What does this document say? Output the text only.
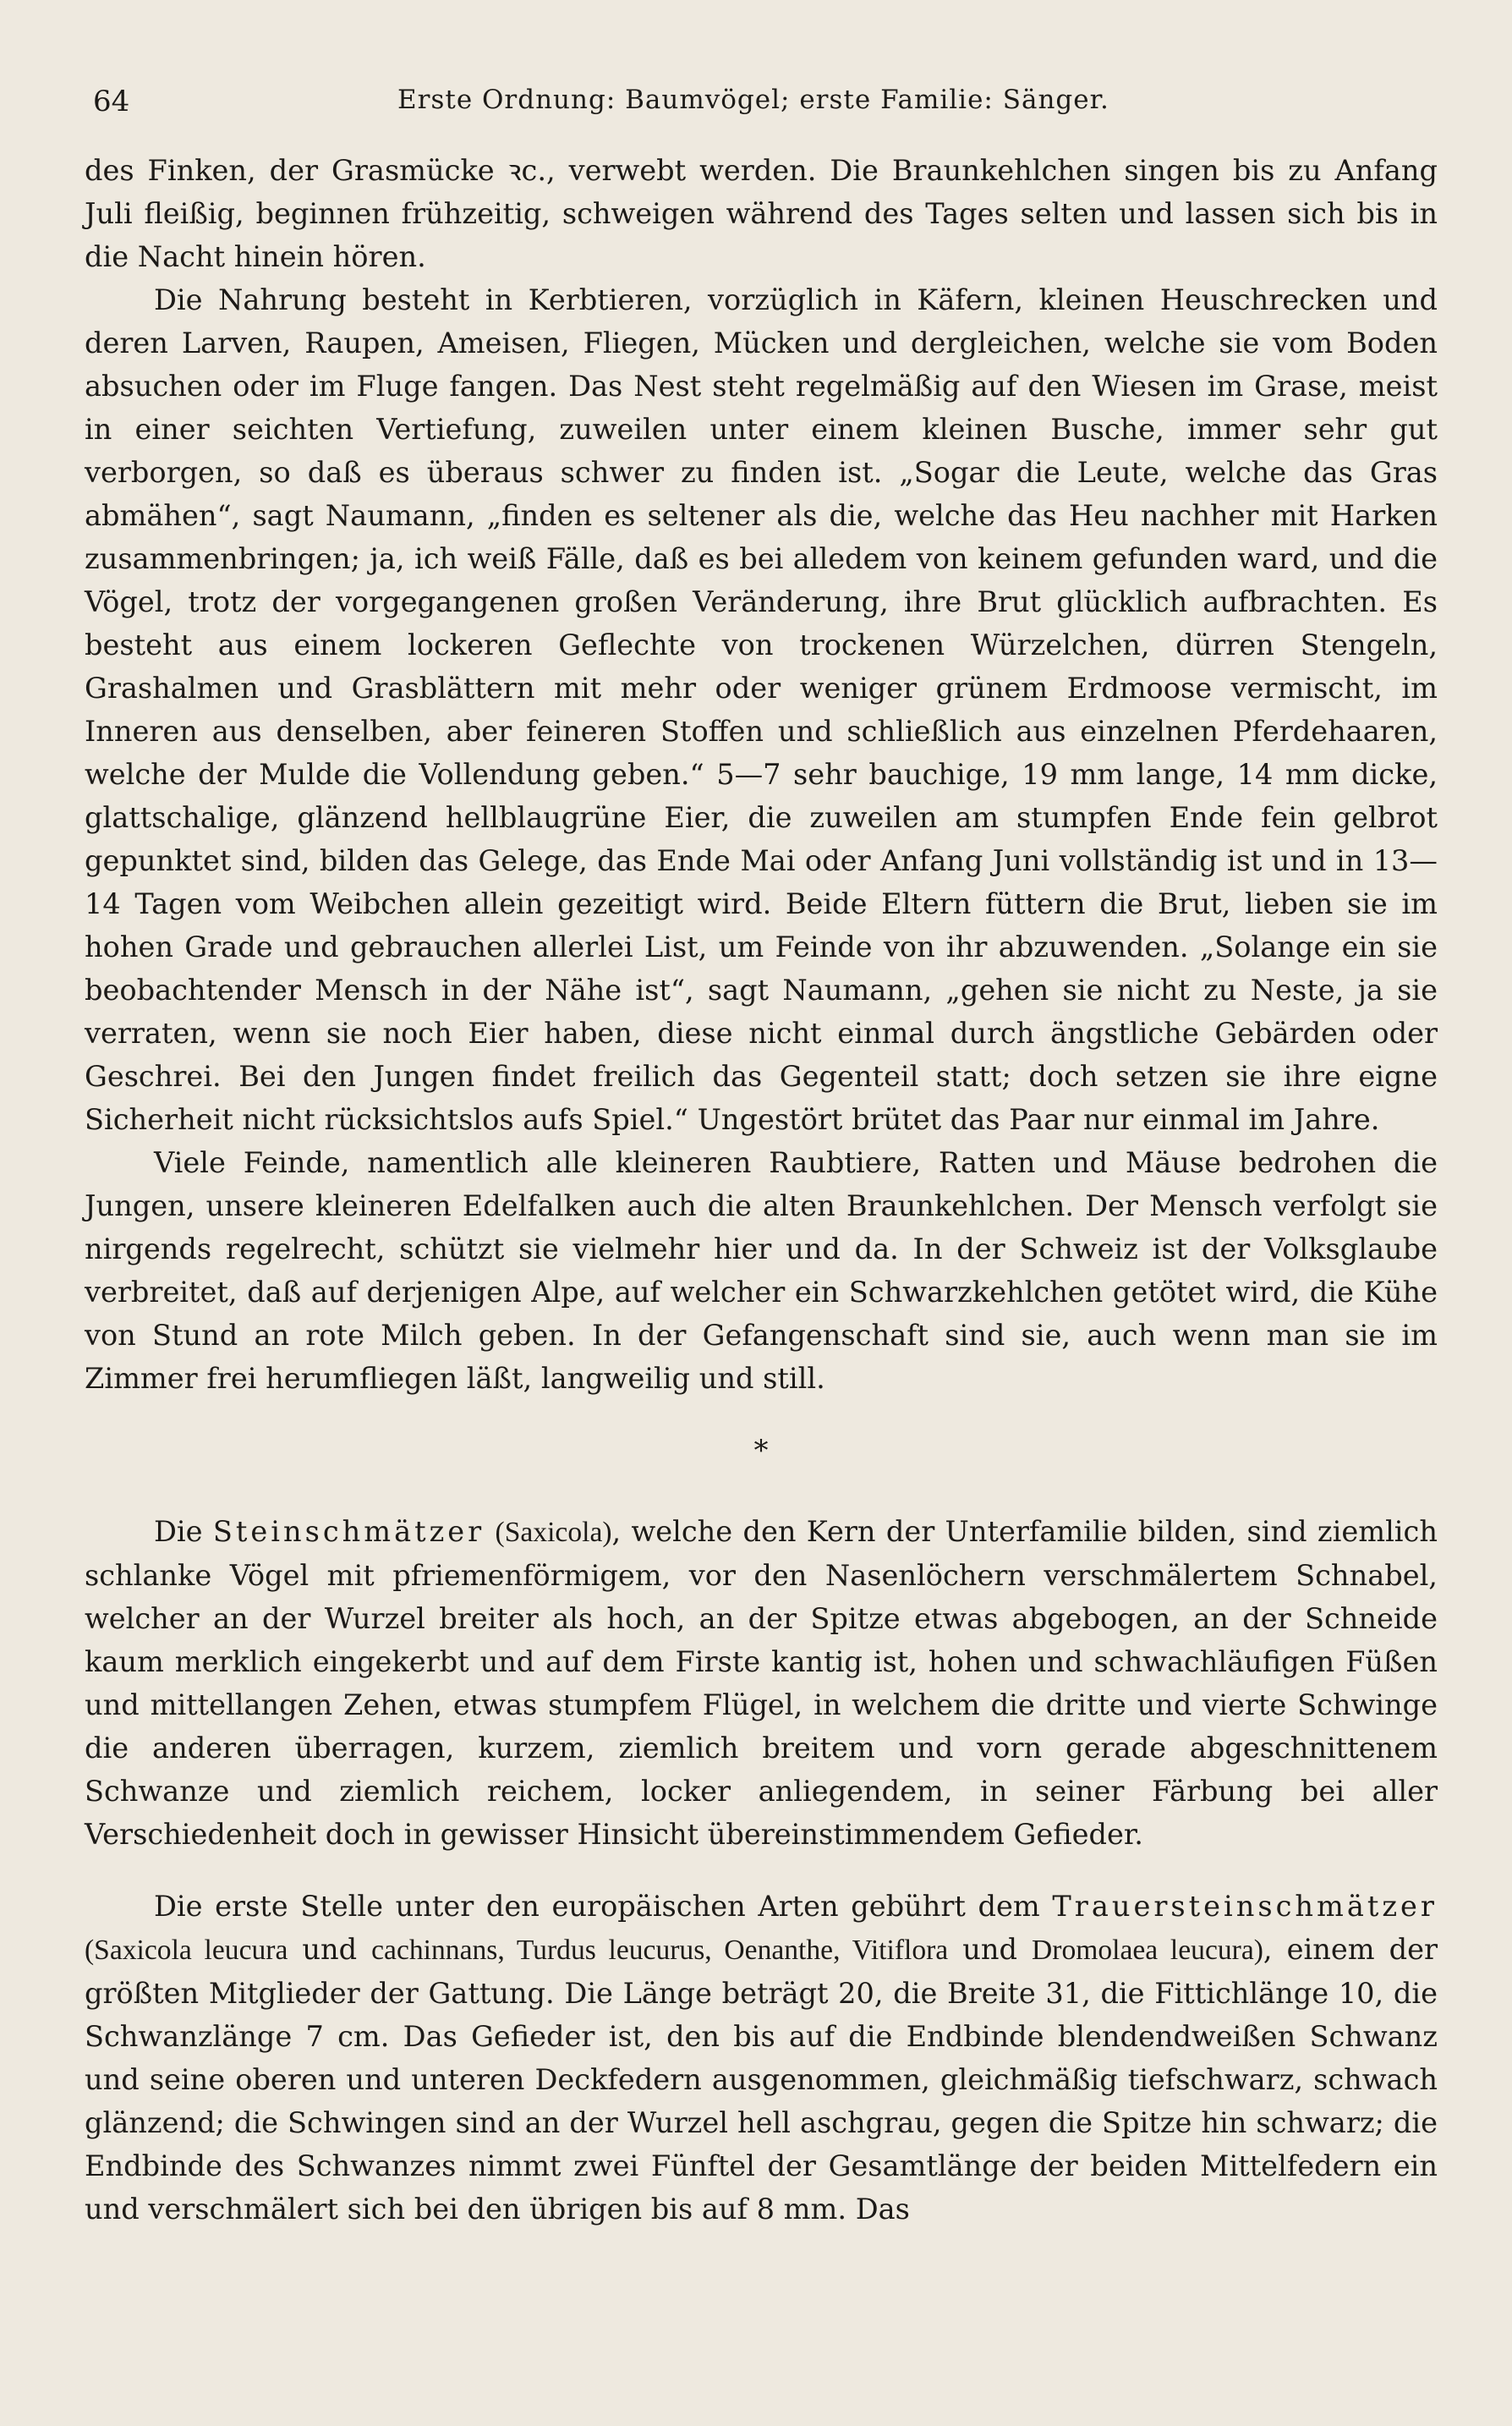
64	Erste Ordnung: Baumvögel; erste Familie: Sänger.

des Finken, der Grasmücke ꝛc., verwebt werden. Die Braunkehlchen singen bis zu Anfang Juli fleißig, beginnen frühzeitig, schweigen während des Tages selten und lassen sich bis in die Nacht hinein hören.

Die Nahrung besteht in Kerbtieren, vorzüglich in Käfern, kleinen Heuschrecken und deren Larven, Raupen, Ameisen, Fliegen, Mücken und dergleichen, welche sie vom Boden absuchen oder im Fluge fangen. Das Nest steht regelmäßig auf den Wiesen im Grase, meist in einer seichten Vertiefung, zuweilen unter einem kleinen Busche, immer sehr gut verborgen, so daß es überaus schwer zu finden ist. „Sogar die Leute, welche das Gras abmähen“, sagt Naumann, „finden es seltener als die, welche das Heu nachher mit Harken zusammenbringen; ja, ich weiß Fälle, daß es bei alledem von keinem gefunden ward, und die Vögel, trotz der vorgegangenen großen Veränderung, ihre Brut glücklich aufbrachten. Es besteht aus einem lockeren Geflechte von trockenen Würzelchen, dürren Stengeln, Grashalmen und Grasblättern mit mehr oder weniger grünem Erdmoose vermischt, im Inneren aus denselben, aber feineren Stoffen und schließlich aus einzelnen Pferdehaaren, welche der Mulde die Vollendung geben.“ 5—7 sehr bauchige, 19 mm lange, 14 mm dicke, glattschalige, glänzend hellblaugrüne Eier, die zuweilen am stumpfen Ende fein gelbrot gepunktet sind, bilden das Gelege, das Ende Mai oder Anfang Juni vollständig ist und in 13—14 Tagen vom Weibchen allein gezeitigt wird. Beide Eltern füttern die Brut, lieben sie im hohen Grade und gebrauchen allerlei List, um Feinde von ihr abzuwenden. „Solange ein sie beobachtender Mensch in der Nähe ist“, sagt Naumann, „gehen sie nicht zu Neste, ja sie verraten, wenn sie noch Eier haben, diese nicht einmal durch ängstliche Gebärden oder Geschrei. Bei den Jungen findet freilich das Gegenteil statt; doch setzen sie ihre eigne Sicherheit nicht rücksichtslos aufs Spiel.“ Ungestört brütet das Paar nur einmal im Jahre.

Viele Feinde, namentlich alle kleineren Raubtiere, Ratten und Mäuse bedrohen die Jungen, unsere kleineren Edelfalken auch die alten Braunkehlchen. Der Mensch verfolgt sie nirgends regelrecht, schützt sie vielmehr hier und da. In der Schweiz ist der Volksglaube verbreitet, daß auf derjenigen Alpe, auf welcher ein Schwarzkehlchen getötet wird, die Kühe von Stund an rote Milch geben. In der Gefangenschaft sind sie, auch wenn man sie im Zimmer frei herumfliegen läßt, langweilig und still.

*

Die Steinschmätzer (Saxicola), welche den Kern der Unterfamilie bilden, sind ziemlich schlanke Vögel mit pfriemenförmigem, vor den Nasenlöchern verschmälertem Schnabel, welcher an der Wurzel breiter als hoch, an der Spitze etwas abgebogen, an der Schneide kaum merklich eingekerbt und auf dem Firste kantig ist, hohen und schwachläufigen Füßen und mittellangen Zehen, etwas stumpfem Flügel, in welchem die dritte und vierte Schwinge die anderen überragen, kurzem, ziemlich breitem und vorn gerade abgeschnittenem Schwanze und ziemlich reichem, locker anliegendem, in seiner Färbung bei aller Verschiedenheit doch in gewisser Hinsicht übereinstimmendem Gefieder.

Die erste Stelle unter den europäischen Arten gebührt dem Trauersteinschmätzer (Saxicola leucura und cachinnans, Turdus leucurus, Oenanthe, Vitiflora und Dromolaea leucura), einem der größten Mitglieder der Gattung. Die Länge beträgt 20, die Breite 31, die Fittichlänge 10, die Schwanzlänge 7 cm. Das Gefieder ist, den bis auf die Endbinde blendendweißen Schwanz und seine oberen und unteren Deckfedern ausgenommen, gleichmäßig tiefschwarz, schwach glänzend; die Schwingen sind an der Wurzel hell aschgrau, gegen die Spitze hin schwarz; die Endbinde des Schwanzes nimmt zwei Fünftel der Gesamtlänge der beiden Mittelfedern ein und verschmälert sich bei den übrigen bis auf 8 mm. Das
